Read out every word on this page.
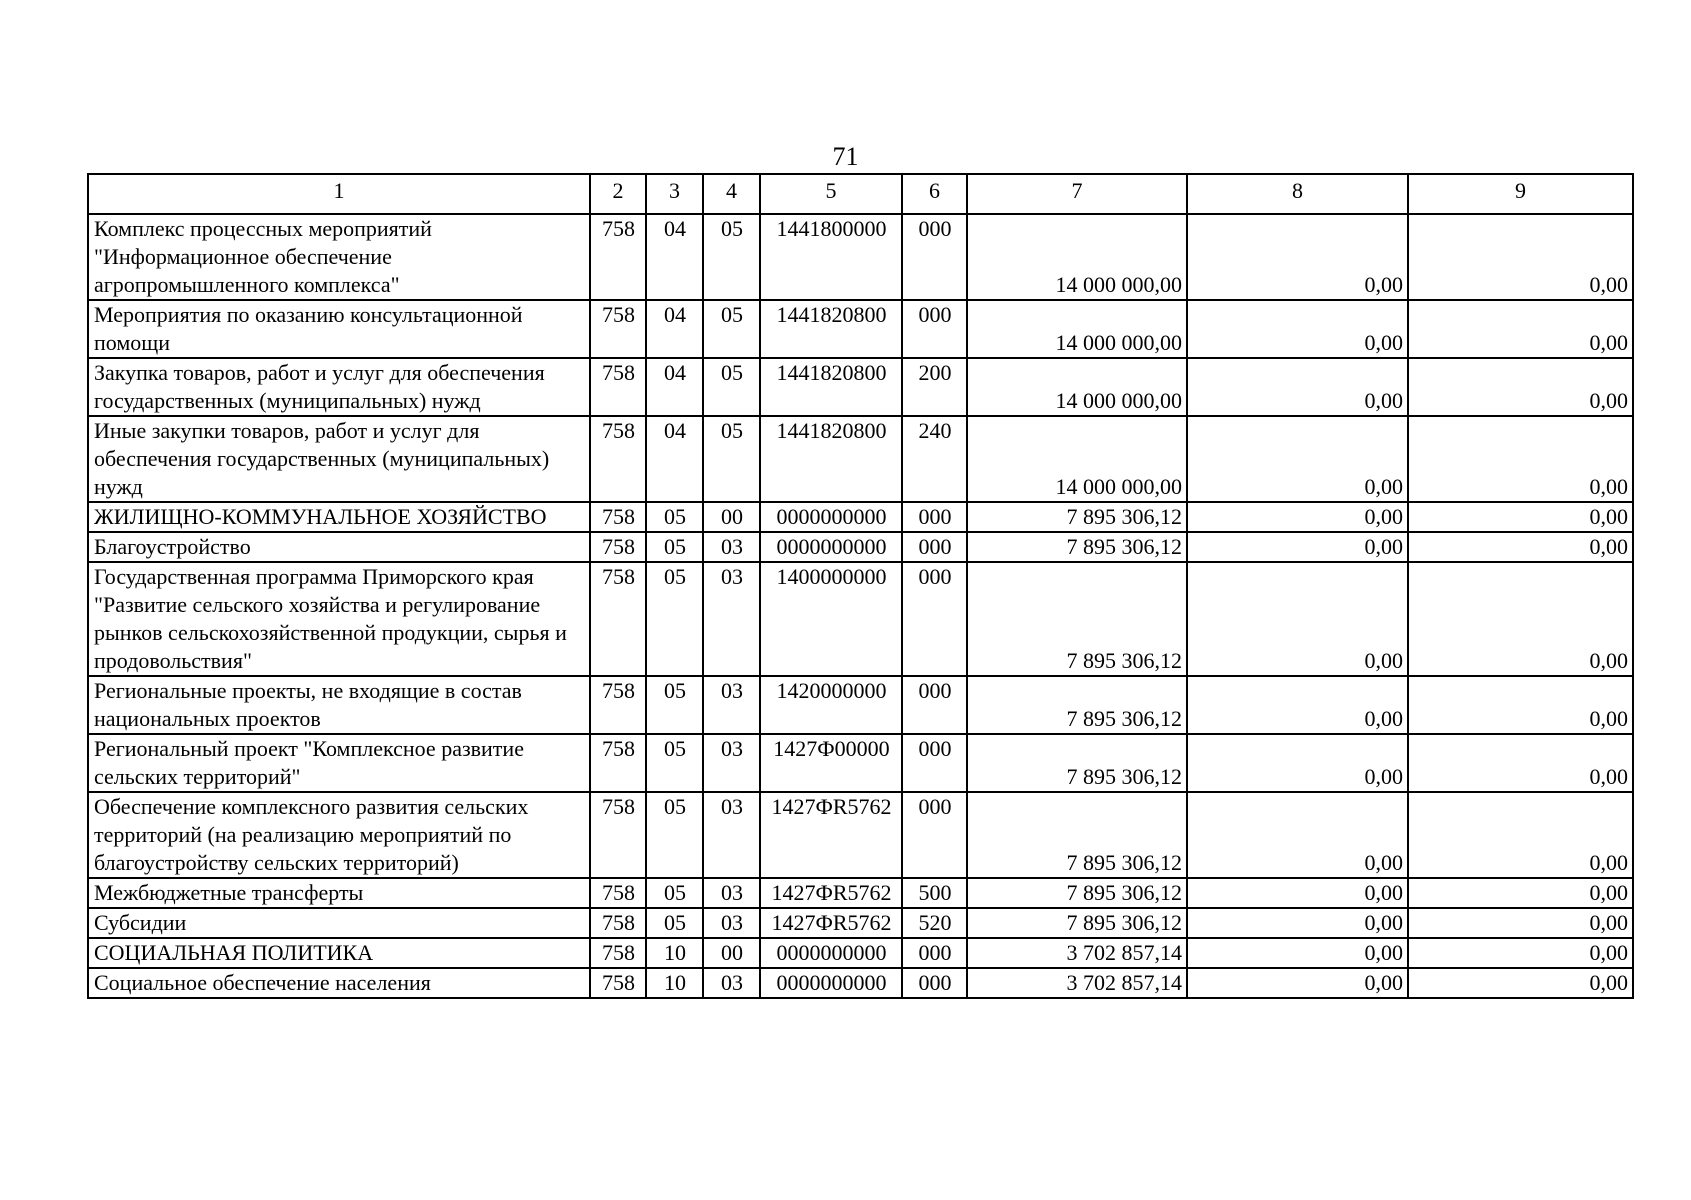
71
1	2	3	4	5	6	7	8	9
Комплекс процессных мероприятий "Информационное обеспечение агропромышленного комплекса"	758	04	05	1441800000	000	14 000 000,00	0,00	0,00
Мероприятия по оказанию консультационной помощи	758	04	05	1441820800	000	14 000 000,00	0,00	0,00
Закупка товаров, работ и услуг для обеспечения государственных (муниципальных) нужд	758	04	05	1441820800	200	14 000 000,00	0,00	0,00
Иные закупки товаров, работ и услуг для обеспечения государственных (муниципальных) нужд	758	04	05	1441820800	240	14 000 000,00	0,00	0,00
ЖИЛИЩНО-КОММУНАЛЬНОЕ ХОЗЯЙСТВО	758	05	00	0000000000	000	7 895 306,12	0,00	0,00
Благоустройство	758	05	03	0000000000	000	7 895 306,12	0,00	0,00
Государственная программа Приморского края "Развитие сельского хозяйства и регулирование рынков сельскохозяйственной продукции, сырья и продовольствия"	758	05	03	1400000000	000	7 895 306,12	0,00	0,00
Региональные проекты, не входящие в состав национальных проектов	758	05	03	1420000000	000	7 895 306,12	0,00	0,00
Региональный проект "Комплексное развитие сельских территорий"	758	05	03	1427Ф00000	000	7 895 306,12	0,00	0,00
Обеспечение комплексного развития сельских территорий (на реализацию мероприятий по благоустройству сельских территорий)	758	05	03	1427ФR5762	000	7 895 306,12	0,00	0,00
Межбюджетные трансферты	758	05	03	1427ФR5762	500	7 895 306,12	0,00	0,00
Субсидии	758	05	03	1427ФR5762	520	7 895 306,12	0,00	0,00
СОЦИАЛЬНАЯ ПОЛИТИКА	758	10	00	0000000000	000	3 702 857,14	0,00	0,00
Социальное обеспечение населения	758	10	03	0000000000	000	3 702 857,14	0,00	0,00
